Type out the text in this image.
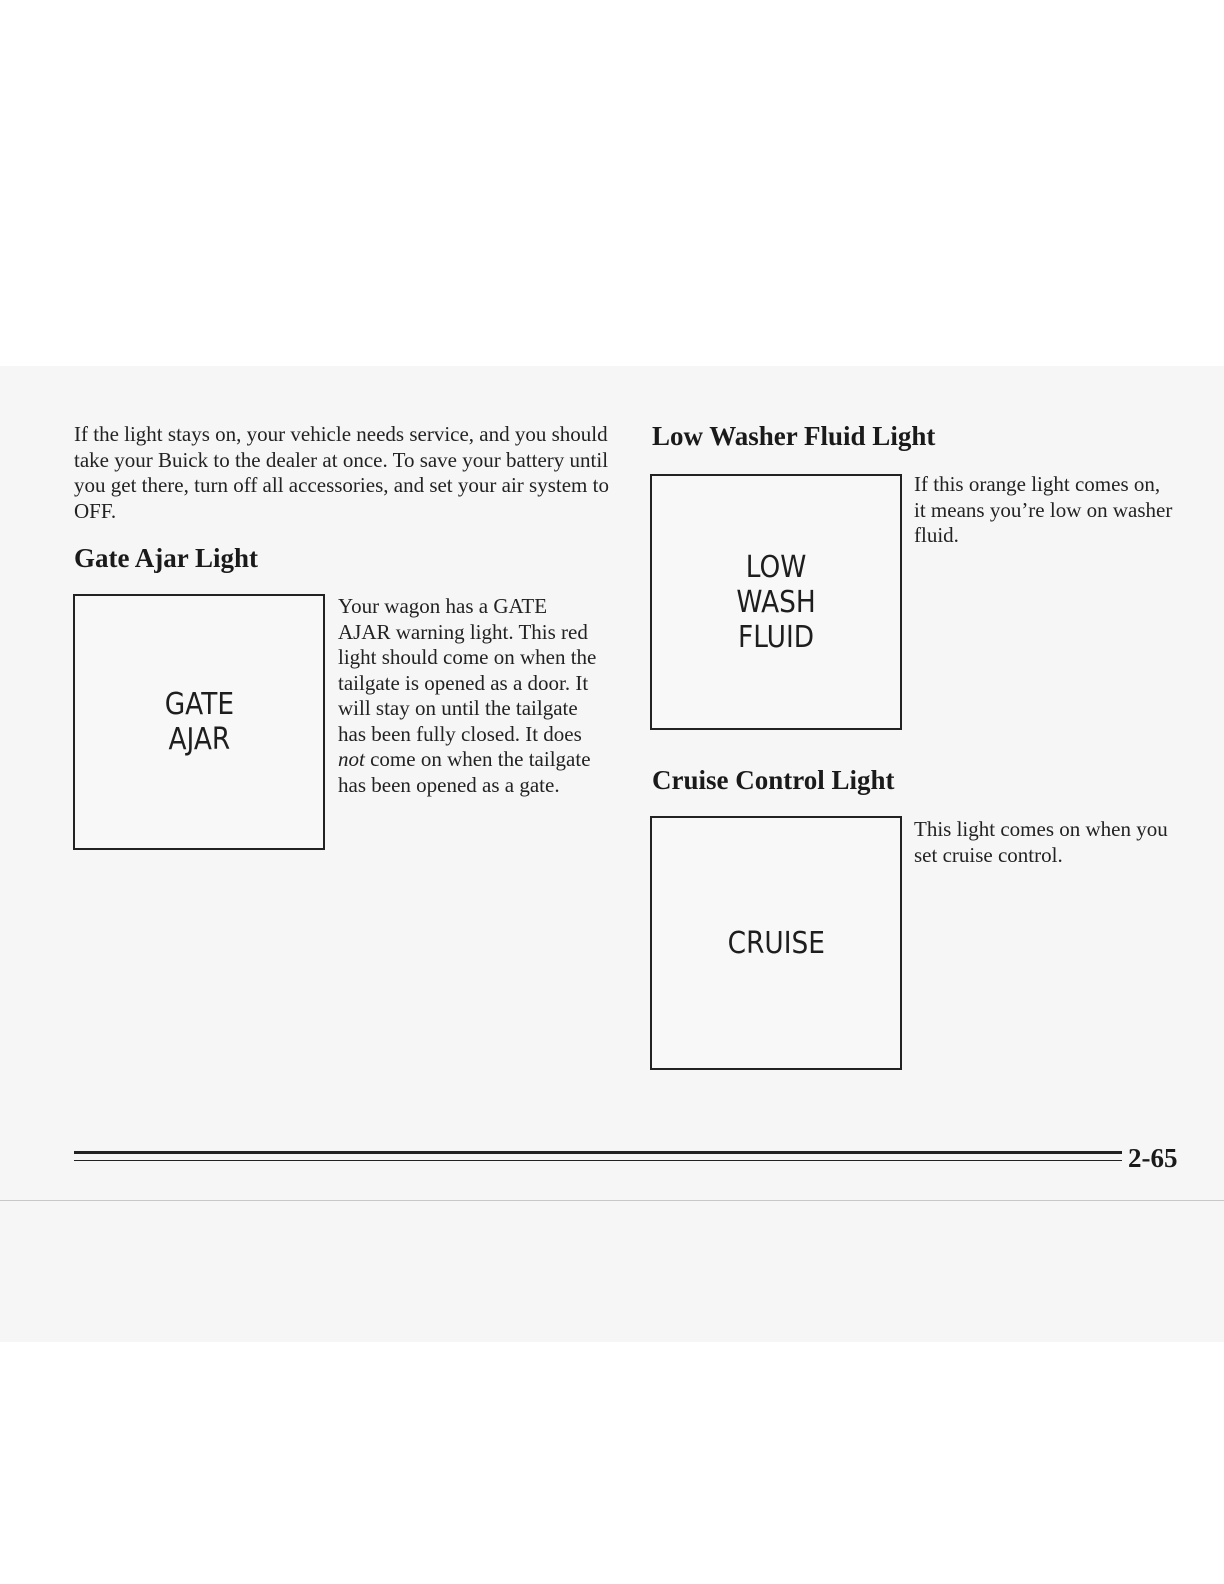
If the light stays on, your vehicle needs service, and you should take your Buick to the dealer at once. To save your battery until you get there, turn off all accessories, and set your air system to OFF.

Gate Ajar Light
GATE
AJAR

Your wagon has a GATE AJAR warning light. This red light should come on when the tailgate is opened as a door. It will stay on until the tailgate has been fully closed. It does not come on when the tailgate has been opened as a gate.

Low Washer Fluid Light
LOW
WASH
FLUID

If this orange light comes on, it means you’re low on washer fluid.

Cruise Control Light
CRUISE

This light comes on when you set cruise control.

2-65
